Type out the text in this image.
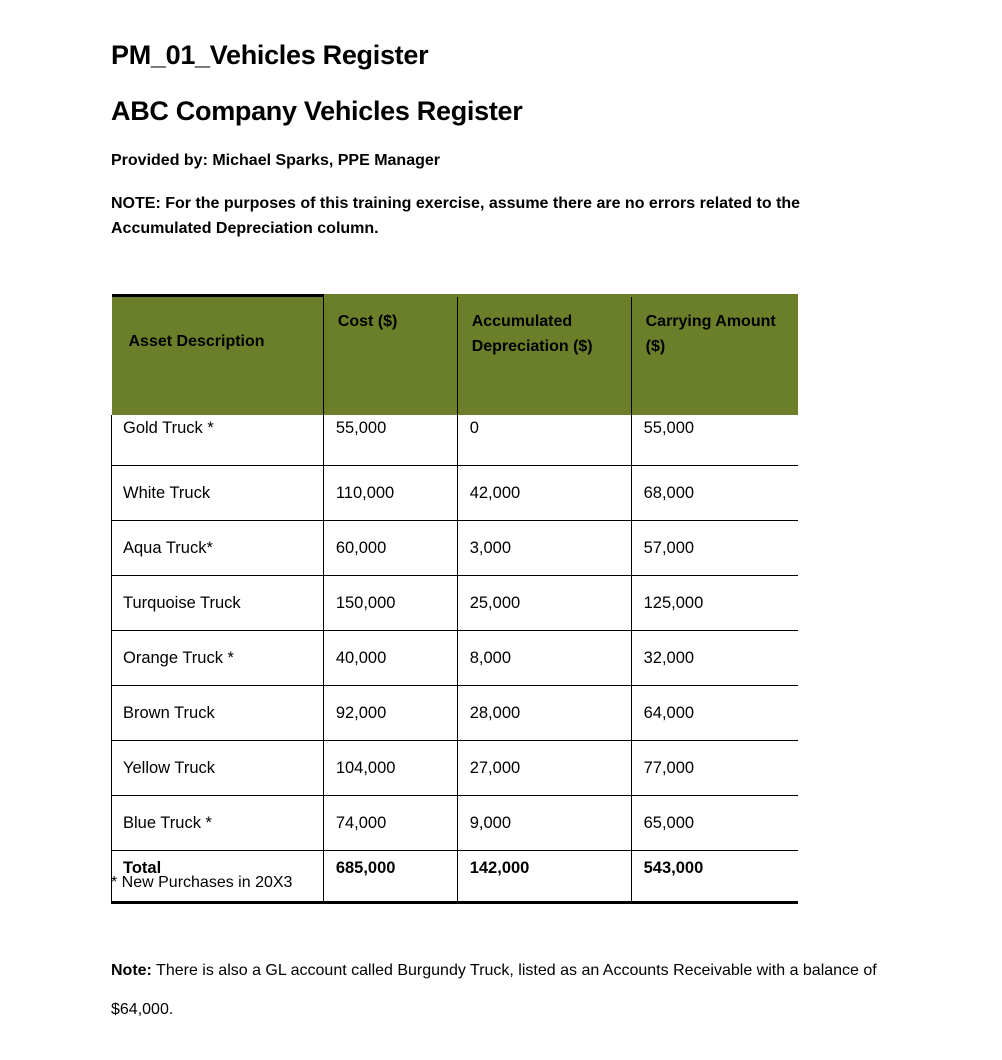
PM_01_Vehicles Register
ABC Company Vehicles Register

Provided by: Michael Sparks, PPE Manager

NOTE: For the purposes of this training exercise, assume there are no errors related to the Accumulated Depreciation column.

Asset Description	Cost ($)	Accumulated Depreciation ($)	Carrying Amount ($)

Gold Truck *	55,000	0	55,000
White Truck	110,000	42,000	68,000
Aqua Truck*	60,000	3,000	57,000
Turquoise Truck	150,000	25,000	125,000
Orange Truck *	40,000	8,000	32,000
Brown Truck	92,000	28,000	64,000
Yellow Truck	104,000	27,000	77,000
Blue Truck *	74,000	9,000	65,000
Total	685,000	142,000	543,000

* New Purchases in 20X3

Note: There is also a GL account called Burgundy Truck, listed as an Accounts Receivable with a balance of $64,000.
